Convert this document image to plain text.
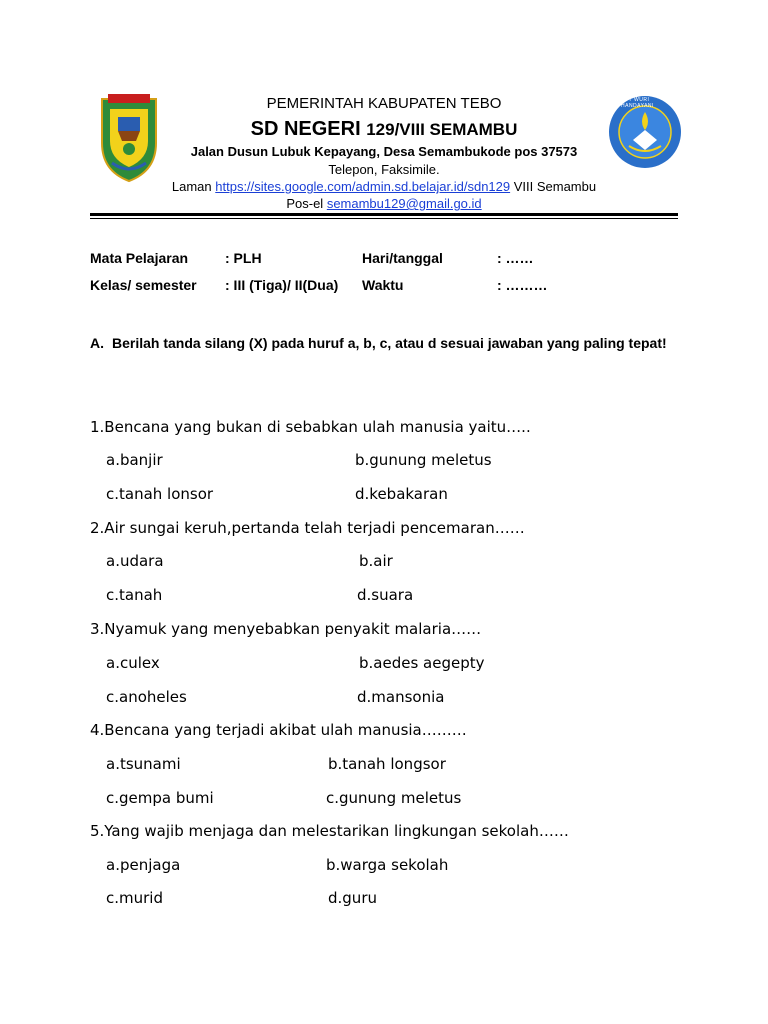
TUT WURI HANDAYANI
PEMERINTAH KABUPATEN TEBO
SD NEGERI 129/VIII SEMAMBU
Jalan Dusun Lubuk Kepayang, Desa Semambukode pos 37573
Telepon, Faksimile.
Laman https://sites.google.com/admin.sd.belajar.id/sdn129 VIII Semambu
Pos-el semambu129@gmail.go.id
Mata Pelajaran	: PLH	Hari/tanggal	: ……
Kelas/ semester : III (Tiga)/ II(Dua) Waktu	: ………
A. Berilah tanda silang (X) pada huruf a, b, c, atau d sesuai jawaban yang paling tepat!
1.Bencana yang bukan di sebabkan ulah manusia yaitu…..
a.banjir	b.gunung meletus
c.tanah lonsor	d.kebakaran
2.Air sungai keruh,pertanda telah terjadi pencemaran……
a.udara	b.air
c.tanah	d.suara
3.Nyamuk yang menyebabkan penyakit malaria……
a.culex	b.aedes aegepty
c.anoheles	d.mansonia
4.Bencana yang terjadi akibat ulah manusia………
a.tsunami	b.tanah longsor
c.gempa bumi	c.gunung meletus
5.Yang wajib menjaga dan melestarikan lingkungan sekolah……
a.penjaga	b.warga sekolah
c.murid	d.guru
